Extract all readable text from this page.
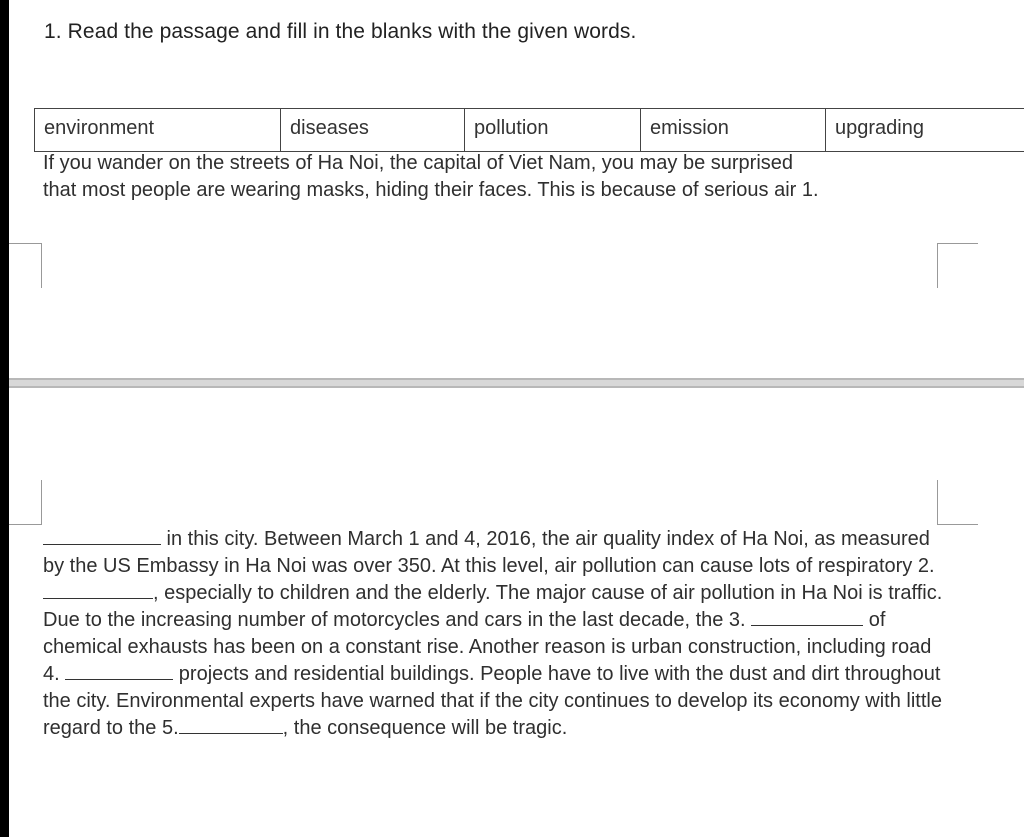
1. Read the passage and fill in the blanks with the given words.
environment	diseases	pollution	emission	upgrading
If you wander on the streets of Ha Noi, the capital of Viet Nam, you may be surprised
that most people are wearing masks, hiding their faces. This is because of serious air 1.
in this city. Between March 1 and 4, 2016, the air quality index of Ha Noi, as measured by the US Embassy in Ha Noi was over 350. At this level, air pollution can cause lots of respiratory 2. , especially to children and the elderly. The major cause of air pollution in Ha Noi is traffic. Due to the increasing number of motorcycles and cars in the last decade, the 3.	of chemical exhausts has been on a constant rise. Another reason is urban construction, including road 4.	projects and residential buildings. People have to live with the dust and dirt throughout the city. Environmental experts have warned that if the city continues to develop its economy with little regard to the 5.	, the consequence will be tragic.
